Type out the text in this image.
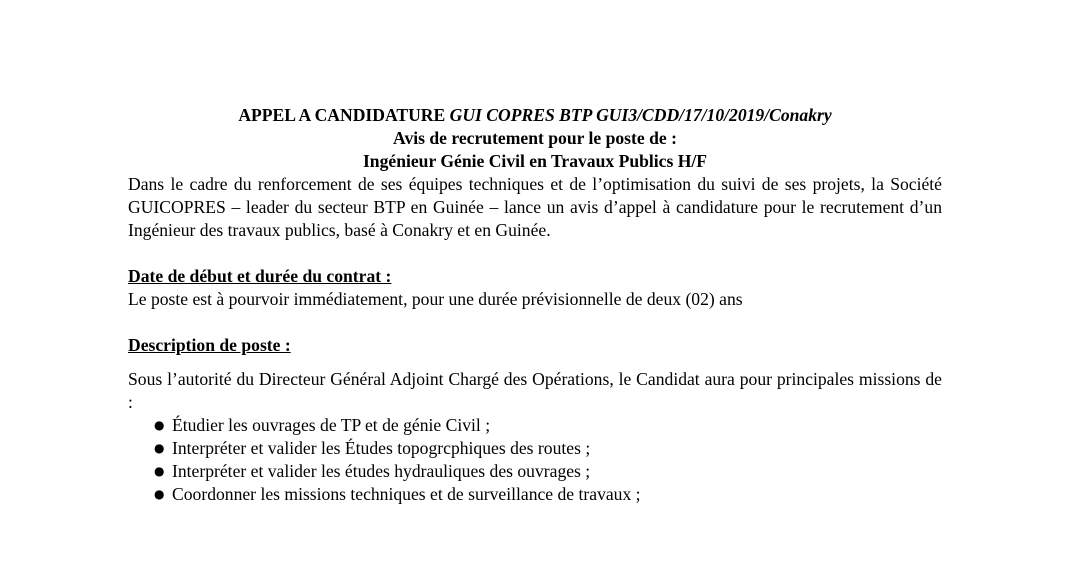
APPEL A CANDIDATURE GUI COPRES BTP GUI3/CDD/17/10/2019/Conakry

Avis de recrutement pour le poste de :

Ingénieur Génie Civil en Travaux Publics H/F

Dans le cadre du renforcement de ses équipes techniques et de l’optimisation du suivi de ses projets, la Société GUICOPRES – leader du secteur BTP en Guinée – lance un avis d’appel à candidature pour le recrutement d’un Ingénieur des travaux publics, basé à Conakry et en Guinée.

Date de début et durée du contrat :

Le poste est à pourvoir immédiatement, pour une durée prévisionnelle de deux (02) ans

Description de poste :

Sous l’autorité du Directeur Général Adjoint Chargé des Opérations, le Candidat aura pour principales missions de :

● Étudier les ouvrages de TP et de génie Civil ;
● Interpréter et valider les Études topogrcphiques des routes ;
● Interpréter et valider les études hydrauliques des ouvrages ;
● Coordonner les missions techniques et de surveillance de travaux ;
